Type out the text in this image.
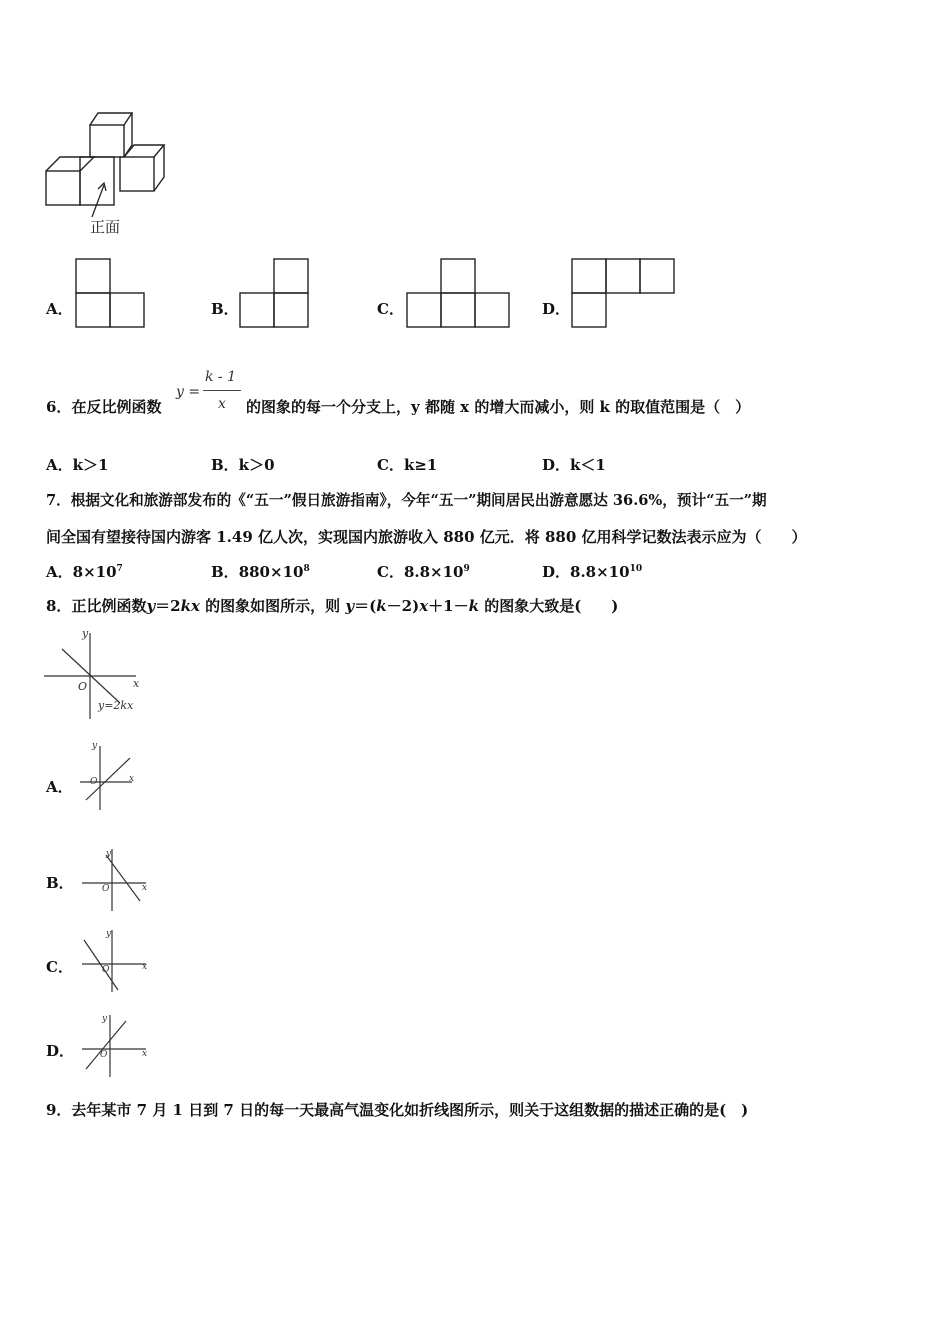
正面
A．	B．	C．	D．
6．在反比例函数
y =
k - 1
x 的图象的每一个分支上，y 都随 x 的增大而减小，则 k 的取值范围是（　）
A．k＞1	B．k＞0	C．k≥1	D．k＜1
7．根据文化和旅游部发布的《“五一”假日旅游指南》，今年“五一”期间居民出游意愿达 36.6%，预计“五一”期
间全国有望接待国内游客 1.49 亿人次，实现国内旅游收入 880 亿元．将 880 亿用科学记数法表示应为（　　）
A．$8\times 10^7$	B．$880\times 10^8$	C．$8.8\times 10^9$	D．$8.8\times 10^{10}$
8．正比例函数y＝2kx 的图象如图所示，则 y＝(k－2)x＋1－k 的图象大致是(　　)
y
x
O
y=2kx
A．
y
x
O
B．
y
x
O
C．
y
x
O
D．
y
x
O
9．去年某市 7 月 1 日到 7 日的每一天最高气温变化如折线图所示，则关于这组数据的描述正确的是(　)
